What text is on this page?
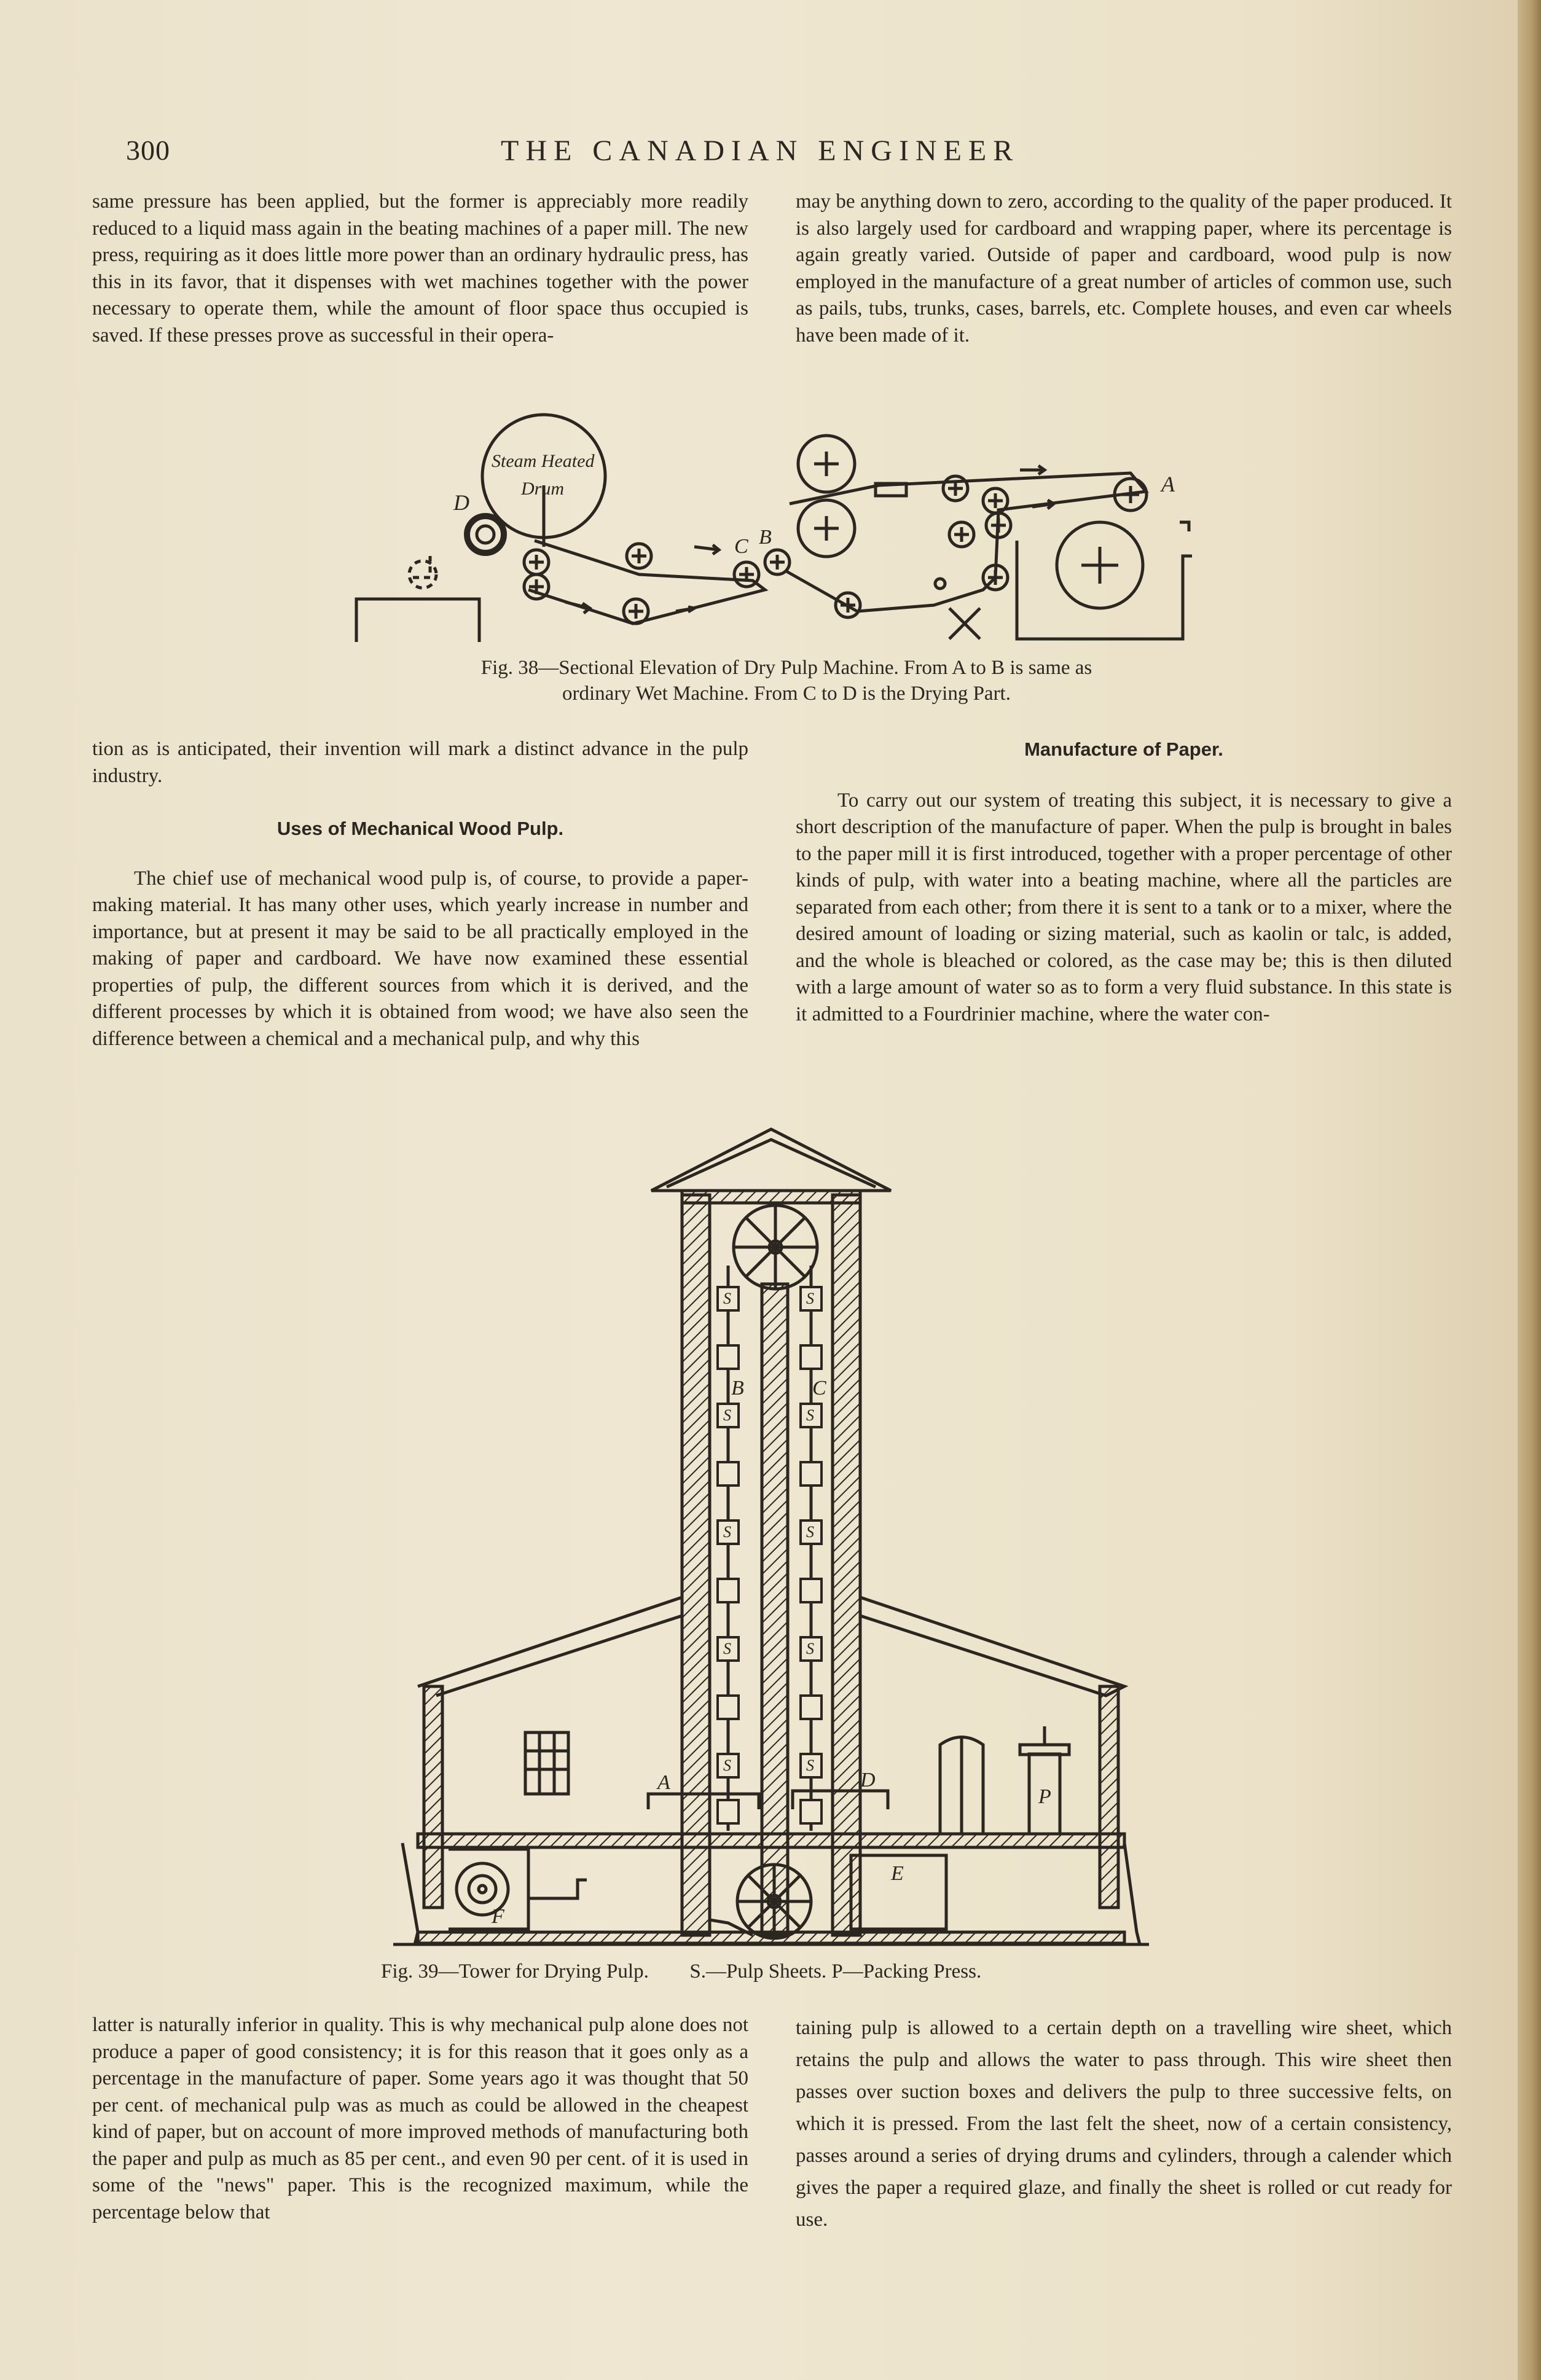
300	THE CANADIAN ENGINEER

same pressure has been applied, but the former is appreciably more readily reduced to a liquid mass again in the beating machines of a paper mill. The new press, requiring as it does little more power than an ordinary hydraulic press, has this in its favor, that it dispenses with wet machines together with the power necessary to operate them, while the amount of floor space thus occupied is saved. If these presses prove as successful in their opera-

may be anything down to zero, according to the quality of the paper produced. It is also largely used for cardboard and wrapping paper, where its percentage is again greatly varied. Outside of paper and cardboard, wood pulp is now employed in the manufacture of a great number of articles of common use, such as pails, tubs, trunks, cases, barrels, etc. Complete houses, and even car wheels have been made of it.

Steam Heated
Drum
D
C B
A
Fig. 38—Sectional Elevation of Dry Pulp Machine. From A to B is same as
ordinary Wet Machine. From C to D is the Drying Part.

tion as is anticipated, their invention will mark a distinct advance in the pulp industry.

Uses of Mechanical Wood Pulp.

The chief use of mechanical wood pulp is, of course, to provide a paper-making material. It has many other uses, which yearly increase in number and importance, but at present it may be said to be all practically employed in the making of paper and cardboard. We have now examined these essential properties of pulp, the different sources from which it is derived, and the different processes by which it is obtained from wood; we have also seen the difference between a chemical and a mechanical pulp, and why this

Manufacture of Paper.

To carry out our system of treating this subject, it is necessary to give a short description of the manufacture of paper. When the pulp is brought in bales to the paper mill it is first introduced, together with a proper percentage of other kinds of pulp, with water into a beating machine, where all the particles are separated from each other; from there it is sent to a tank or to a mixer, where the desired amount of loading or sizing material, such as kaolin or talc, is added, and the whole is bleached or colored, as the case may be; this is then diluted with a large amount of water so as to form a very fluid substance. In this state is it admitted to a Fourdrinier machine, where the water con-

S	S
S	S
S	S
S	S
S	S
B	C
A	D
P
F
E
Fig. 39—Tower for Drying Pulp. S.—Pulp Sheets. P—Packing Press.

latter is naturally inferior in quality. This is why mechanical pulp alone does not produce a paper of good consistency; it is for this reason that it goes only as a percentage in the manufacture of paper. Some years ago it was thought that 50 per cent. of mechanical pulp was as much as could be allowed in the cheapest kind of paper, but on account of more improved methods of manufacturing both the paper and pulp as much as 85 per cent., and even 90 per cent. of it is used in some of the "news" paper. This is the recognized maximum, while the percentage below that

taining pulp is allowed to a certain depth on a travelling wire sheet, which retains the pulp and allows the water to pass through. This wire sheet then passes over suction boxes and delivers the pulp to three successive felts, on which it is pressed. From the last felt the sheet, now of a certain consistency, passes around a series of drying drums and cylinders, through a calender which gives the paper a required glaze, and finally the sheet is rolled or cut ready for use.
